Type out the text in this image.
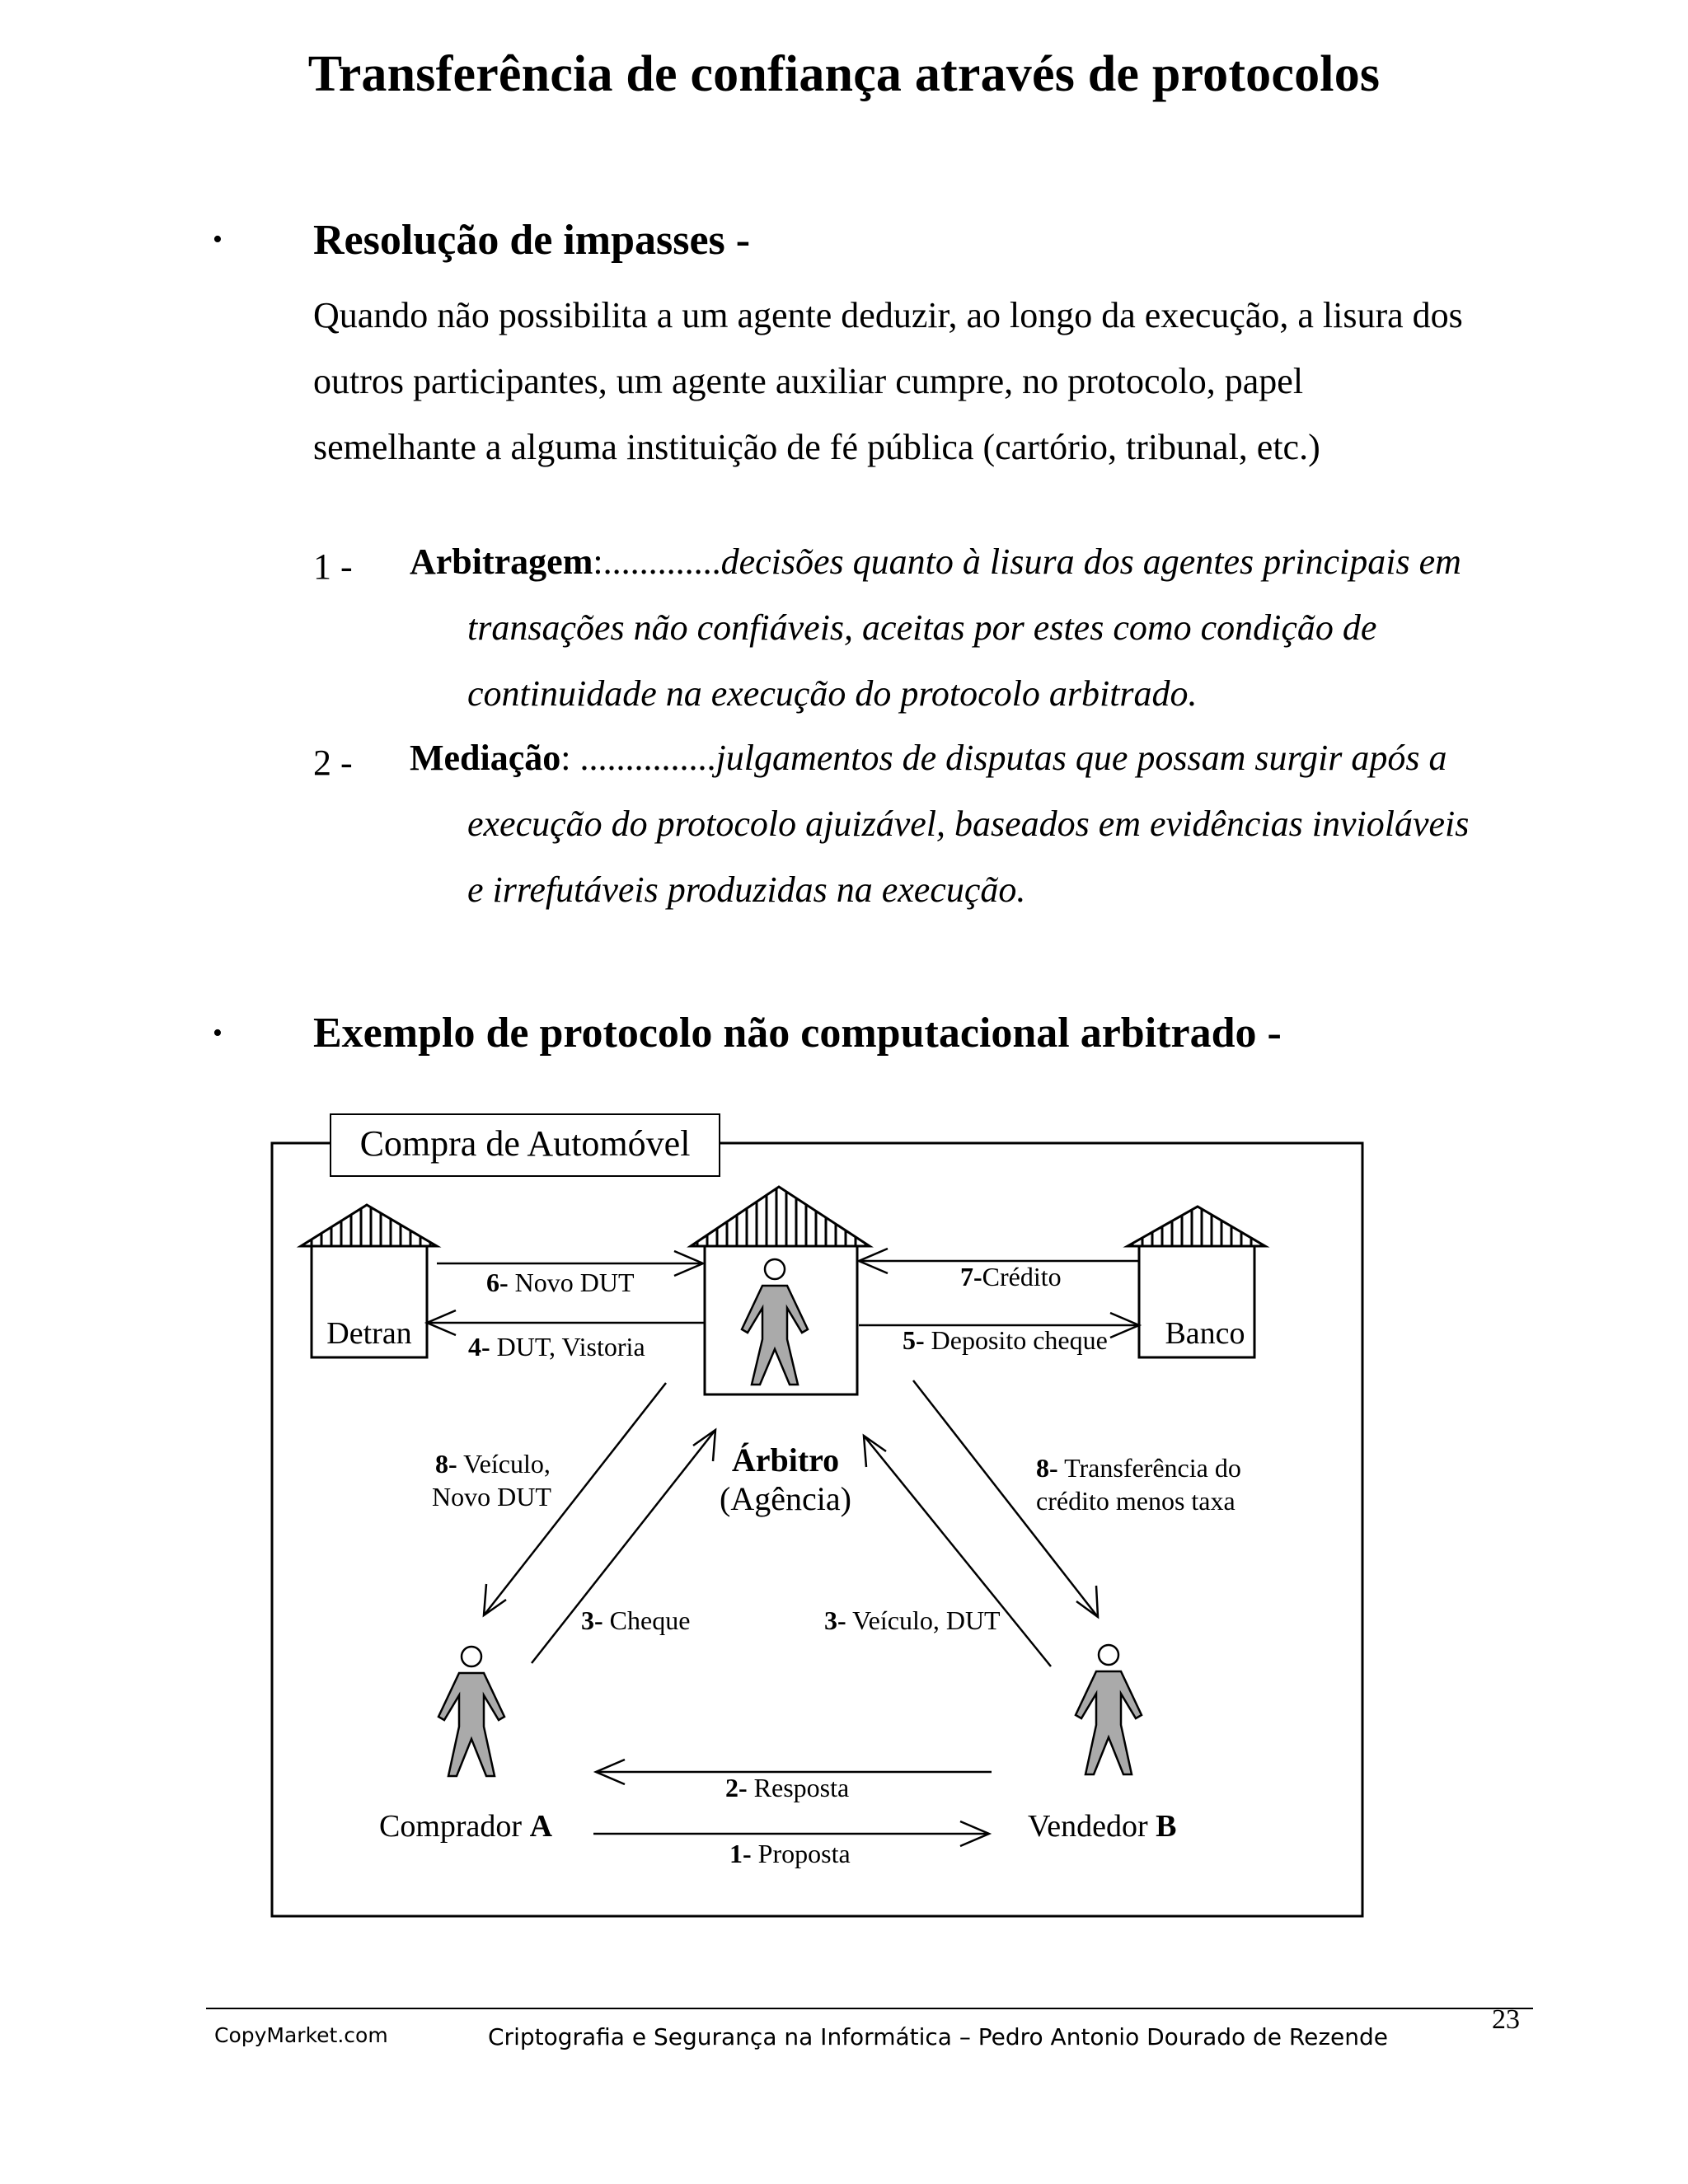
Transferência de confiança através de protocolos
• Resolução de impasses -
Quando não possibilita a um agente deduzir, ao longo da execução, a lisura dos
outros participantes, um agente auxiliar cumpre, no protocolo, papel
semelhante a alguma instituição de fé pública (cartório, tribunal, etc.)
1 - Arbitragem:.............decisões quanto à lisura dos agentes principais em
transações não confiáveis, aceitas por estes como condição de
continuidade na execução do protocolo arbitrado.
2 - Mediação: ...............julgamentos de disputas que possam surgir após a
execução do protocolo ajuizável, baseados em evidências invioláveis
e irrefutáveis produzidas na execução.
• Exemplo de protocolo não computacional arbitrado -
Compra de Automóvel
Detran	Banco
Árbitro
(Agência)
Comprador A	Vendedor B
6- Novo DUT
4- DUT, Vistoria
7-Crédito
5- Deposito cheque
8- Veículo,
Novo DUT
8- Transferência do
crédito menos taxa
3- Cheque	3- Veículo, DUT
2- Resposta
1- Proposta
23
CopyMarket.com	Criptografia e Segurança na Informática – Pedro Antonio Dourado de Rezende
